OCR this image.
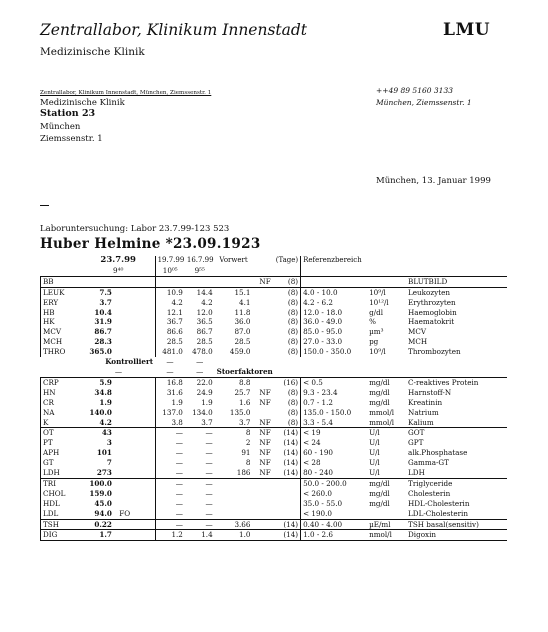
Zentrallabor, Klinikum Innenstadt	LMU
Medizinische Klinik
Zentrallabor, Klinikum Innenstadt, München, Ziemssenstr. 1	++49 89 5160 3133
München, Ziemssenstr. 1
Medizinische Klinik
Station 23
München
Ziemssenstr. 1
München, 13. Januar 1999
Laboruntersuchung: Labor 23.7.99-123 523
Huber Helmine *23.09.1923
	23.7.99			19.7.99	16.7.99	Vorwert	(Tage)		Referenzbereich		
	9⁴⁰			10⁰⁵	9⁵⁵						
BB							NF	(8)			BLUTBILD
LEUK	7.5			10.9	14.4	15.1		(8)	4.0 - 10.0	10⁹/l	Leukozyten
ERY	3.7			4.2	4.2	4.1		(8)	4.2 - 6.2	10¹²/l	Erythrozyten
HB	10.4			12.1	12.0	11.8		(8)	12.0 - 18.0	g/dl	Haemoglobin
HK	31.9			36.7	36.5	36.0		(8)	36.0 - 49.0	%	Haematokrit
MCV	86.7			86.6	86.7	87.0		(8)	85.0 - 95.0	µm³	MCV
MCH	28.3			28.5	28.5	28.5		(8)	27.0 - 33.0	pg	MCH
THRO	365.0			481.0	478.0	459.0		(8)	150.0 - 350.0	10⁹/l	Thrombozyten
	Kontrolliert			—	—						
	—			—	—	Stoerfaktoren					
CRP	5.9			16.8	22.0	8.8		(16)	< 0.5	mg/dl	C-reaktives Protein
HN	34.8			31.6	24.9	25.7	NF	(8)	9.3 - 23.4	mg/dl	Harnstoff-N
CR	1.9			1.9	1.9	1.6	NF	(8)	0.7 - 1.2	mg/dl	Kreatinin
NA	140.0			137.0	134.0	135.0		(8)	135.0 - 150.0	mmol/l	Natrium
K	4.2			3.8	3.7	3.7	NF	(8)	3.3 - 5.4	mmol/l	Kalium
OT	43			—	—	8	NF	(14)	< 19	U/l	GOT
PT	3			—	—	2	NF	(14)	< 24	U/l	GPT
APH	101			—	—	91	NF	(14)	60 - 190	U/l	alk.Phosphatase
GT	7			—	—	8	NF	(14)	< 28	U/l	Gamma-GT
LDH	273			—	—	186	NF	(14)	80 - 240	U/l	LDH
TRI	100.0			—	—				50.0 - 200.0	mg/dl	Triglyceride
CHOL	159.0			—	—				< 260.0	mg/dl	Cholesterin
HDL	45.0			—	—				35.0 - 55.0	mg/dl	HDL-Cholesterin
LDL	94.0	FO		—	—				< 190.0		LDL-Cholesterin
TSH	0.22			—	—	3.66		(14)	0.40 - 4.00	µE/ml	TSH basal(sensitiv)
DIG	1.7			1.2	1.4	1.0		(14)	1.0 - 2.6	nmol/l	Digoxin
